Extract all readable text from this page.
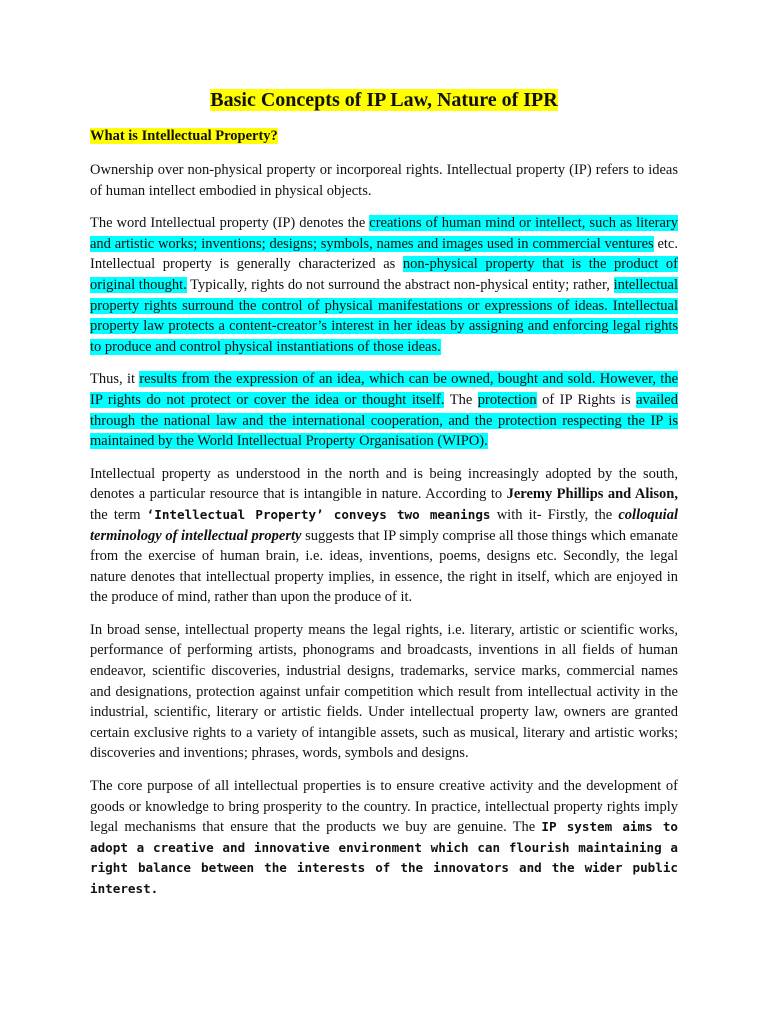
Basic Concepts of IP Law, Nature of IPR
What is Intellectual Property?

Ownership over non-physical property or incorporeal rights. Intellectual property (IP) refers to ideas of human intellect embodied in physical objects.

The word Intellectual property (IP) denotes the creations of human mind or intellect, such as literary and artistic works; inventions; designs; symbols, names and images used in commercial ventures etc. Intellectual property is generally characterized as non-physical property that is the product of original thought. Typically, rights do not surround the abstract non-physical entity; rather, intellectual property rights surround the control of physical manifestations or expressions of ideas. Intellectual property law protects a content-creator’s interest in her ideas by assigning and enforcing legal rights to produce and control physical instantiations of those ideas.

Thus, it results from the expression of an idea, which can be owned, bought and sold. However, the IP rights do not protect or cover the idea or thought itself. The protection of IP Rights is availed through the national law and the international cooperation, and the protection respecting the IP is maintained by the World Intellectual Property Organisation (WIPO).

Intellectual property as understood in the north and is being increasingly adopted by the south, denotes a particular resource that is intangible in nature. According to Jeremy Phillips and Alison, the term ‘Intellectual Property’ conveys two meanings with it- Firstly, the colloquial terminology of intellectual property suggests that IP simply comprise all those things which emanate from the exercise of human brain, i.e. ideas, inventions, poems, designs etc. Secondly, the legal nature denotes that intellectual property implies, in essence, the right in itself, which are enjoyed in the produce of mind, rather than upon the produce of it.

In broad sense, intellectual property means the legal rights, i.e. literary, artistic or scientific works, performance of performing artists, phonograms and broadcasts, inventions in all fields of human endeavor, scientific discoveries, industrial designs, trademarks, service marks, commercial names and designations, protection against unfair competition which result from intellectual activity in the industrial, scientific, literary or artistic fields. Under intellectual property law, owners are granted certain exclusive rights to a variety of intangible assets, such as musical, literary and artistic works; discoveries and inventions; phrases, words, symbols and designs.

The core purpose of all intellectual properties is to ensure creative activity and the development of goods or knowledge to bring prosperity to the country. In practice, intellectual property rights imply legal mechanisms that ensure that the products we buy are genuine. The IP system aims to adopt a creative and innovative environment which can flourish maintaining a right balance between the interests of the innovators and the wider public interest.
